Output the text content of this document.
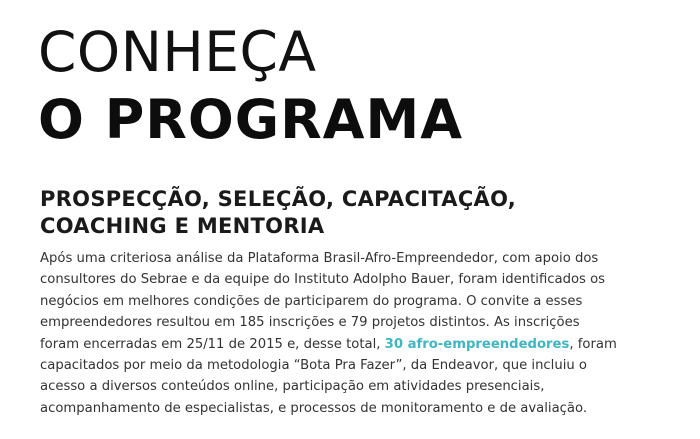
CONHEÇA
O PROGRAMA
PROSPECÇÃO, SELEÇÃO, CAPACITAÇÃO,
COACHING E MENTORIA

Após uma criteriosa análise da Plataforma Brasil-Afro-Empreendedor, com apoio dos
consultores do Sebrae e da equipe do Instituto Adolpho Bauer, foram identificados os
negócios em melhores condições de participarem do programa. O convite a esses
empreendedores resultou em 185 inscrições e 79 projetos distintos. As inscrições
foram encerradas em 25/11 de 2015 e, desse total, 30 afro-empreendedores, foram
capacitados por meio da metodologia “Bota Pra Fazer”, da Endeavor, que incluiu o
acesso a diversos conteúdos online, participação em atividades presenciais,
acompanhamento de especialistas, e processos de monitoramento e de avaliação.
